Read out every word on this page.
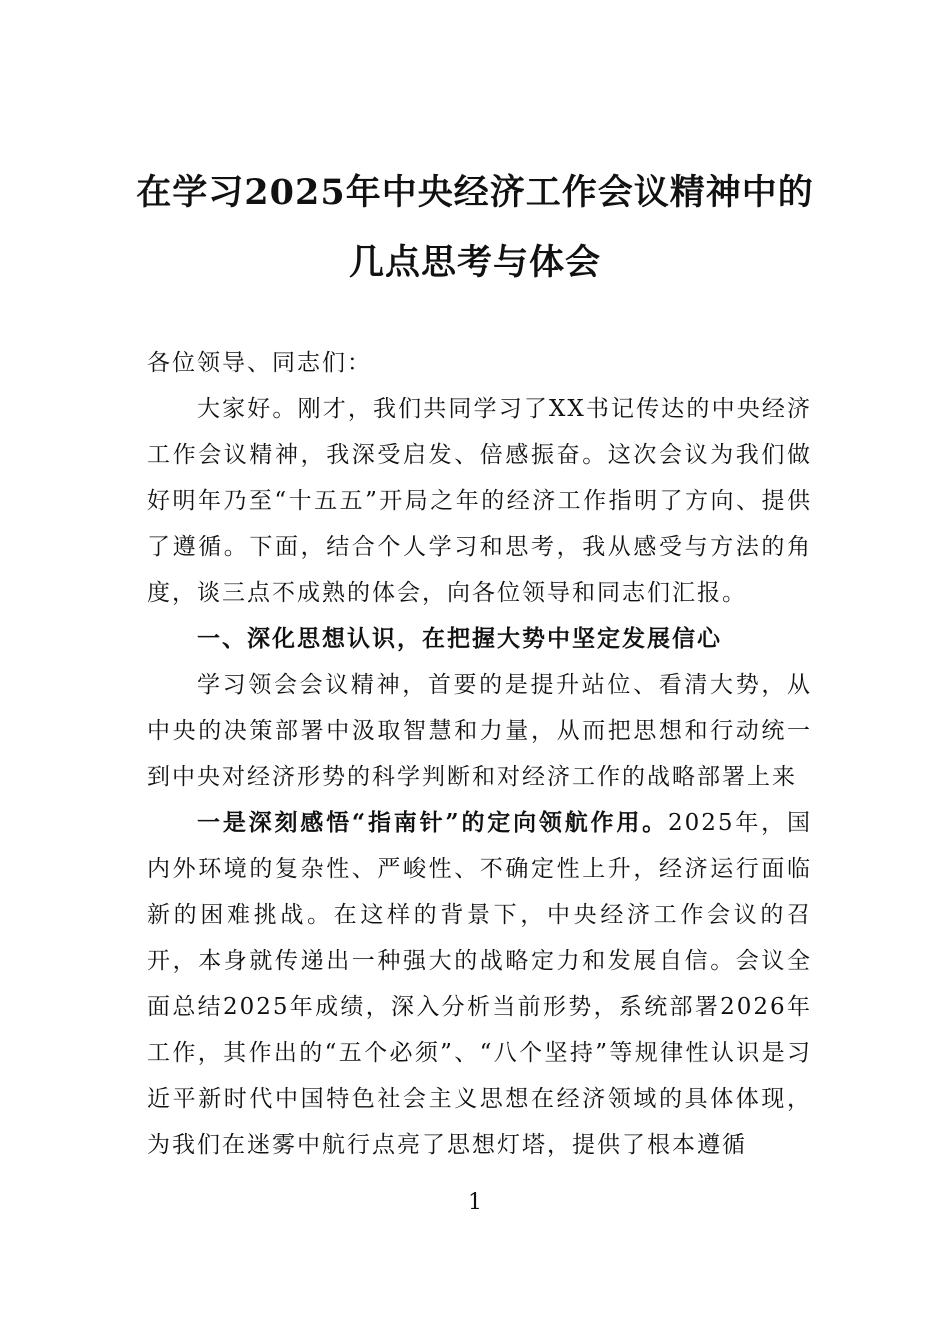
在学习2025年中央经济工作会议精神中的
几点思考与体会

各位领导、同志们：

大家好。刚才，我们共同学习了XX书记传达的中央经济工作会议精神，我深受启发、倍感振奋。这次会议为我们做好明年乃至“十五五”开局之年的经济工作指明了方向、提供了遵循。下面，结合个人学习和思考，我从感受与方法的角度，谈三点不成熟的体会，向各位领导和同志们汇报。

一、深化思想认识，在把握大势中坚定发展信心

学习领会会议精神，首要的是提升站位、看清大势，从中央的决策部署中汲取智慧和力量，从而把思想和行动统一到中央对经济形势的科学判断和对经济工作的战略部署上来

一是深刻感悟“指南针”的定向领航作用。2025年，国内外环境的复杂性、严峻性、不确定性上升，经济运行面临新的困难挑战。在这样的背景下，中央经济工作会议的召开，本身就传递出一种强大的战略定力和发展自信。会议全面总结2025年成绩，深入分析当前形势，系统部署2026年工作，其作出的“五个必须”、“八个坚持”等规律性认识是习近平新时代中国特色社会主义思想在经济领域的具体体现，为我们在迷雾中航行点亮了思想灯塔，提供了根本遵循

1
